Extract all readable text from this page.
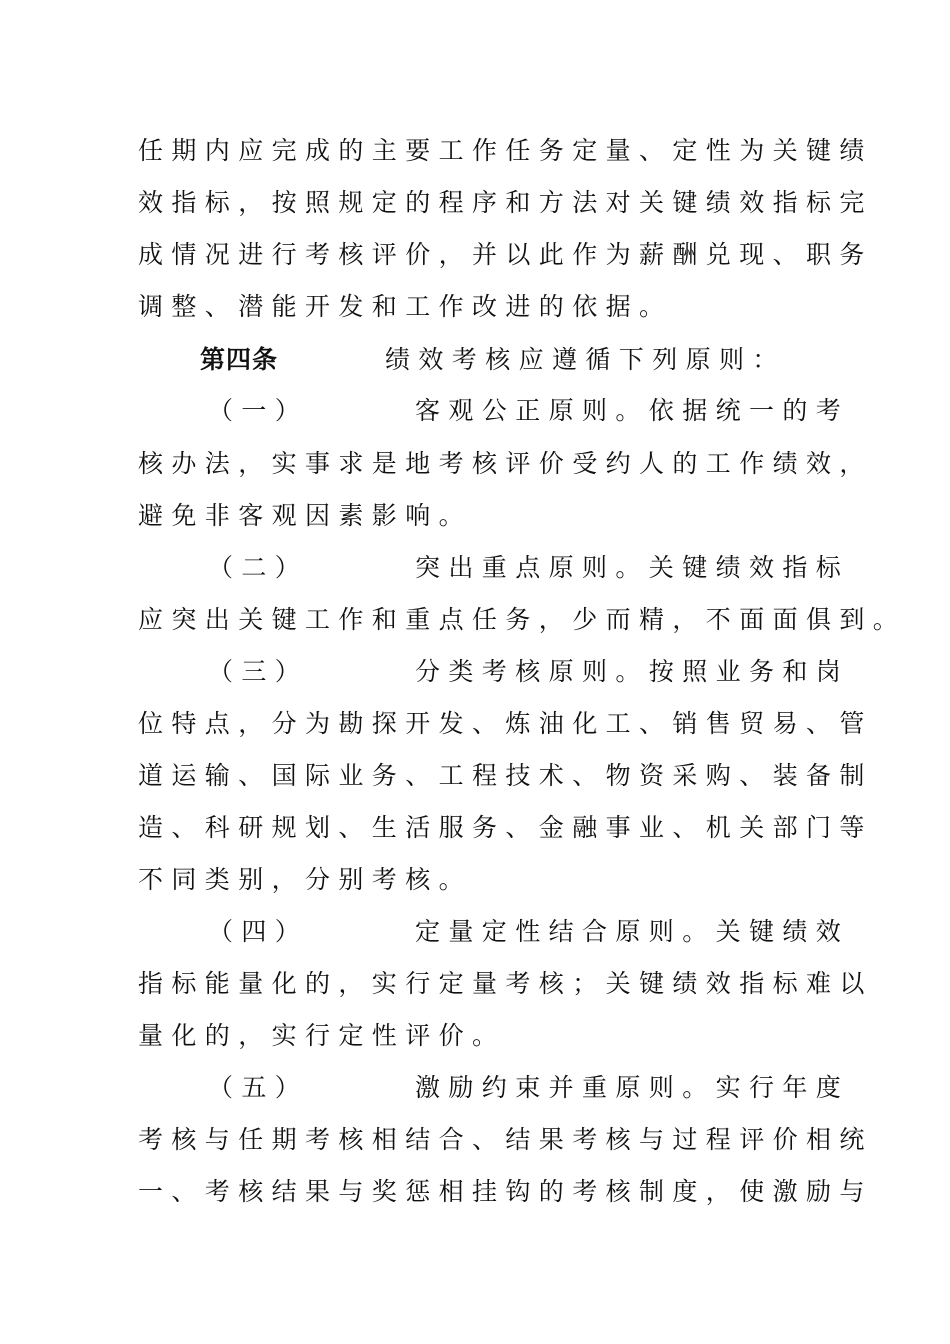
任期内应完成的主要工作任务定量、定性为关键绩
效指标，按照规定的程序和方法对关键绩效指标完
成情况进行考核评价，并以此作为薪酬兑现、职务
调整、潜能开发和工作改进的依据。
第四条	绩效考核应遵循下列原则：
（一）	客观公正原则。依据统一的考
核办法，实事求是地考核评价受约人的工作绩效，
避免非客观因素影响。
（二）	突出重点原则。关键绩效指标
应突出关键工作和重点任务，少而精，不面面俱到。
（三）	分类考核原则。按照业务和岗
位特点，分为勘探开发、炼油化工、销售贸易、管
道运输、国际业务、工程技术、物资采购、装备制
造、科研规划、生活服务、金融事业、机关部门等
不同类别，分别考核。
（四）	定量定性结合原则。关键绩效
指标能量化的，实行定量考核；关键绩效指标难以
量化的，实行定性评价。
（五）	激励约束并重原则。实行年度
考核与任期考核相结合、结果考核与过程评价相统
一、考核结果与奖惩相挂钩的考核制度，使激励与
